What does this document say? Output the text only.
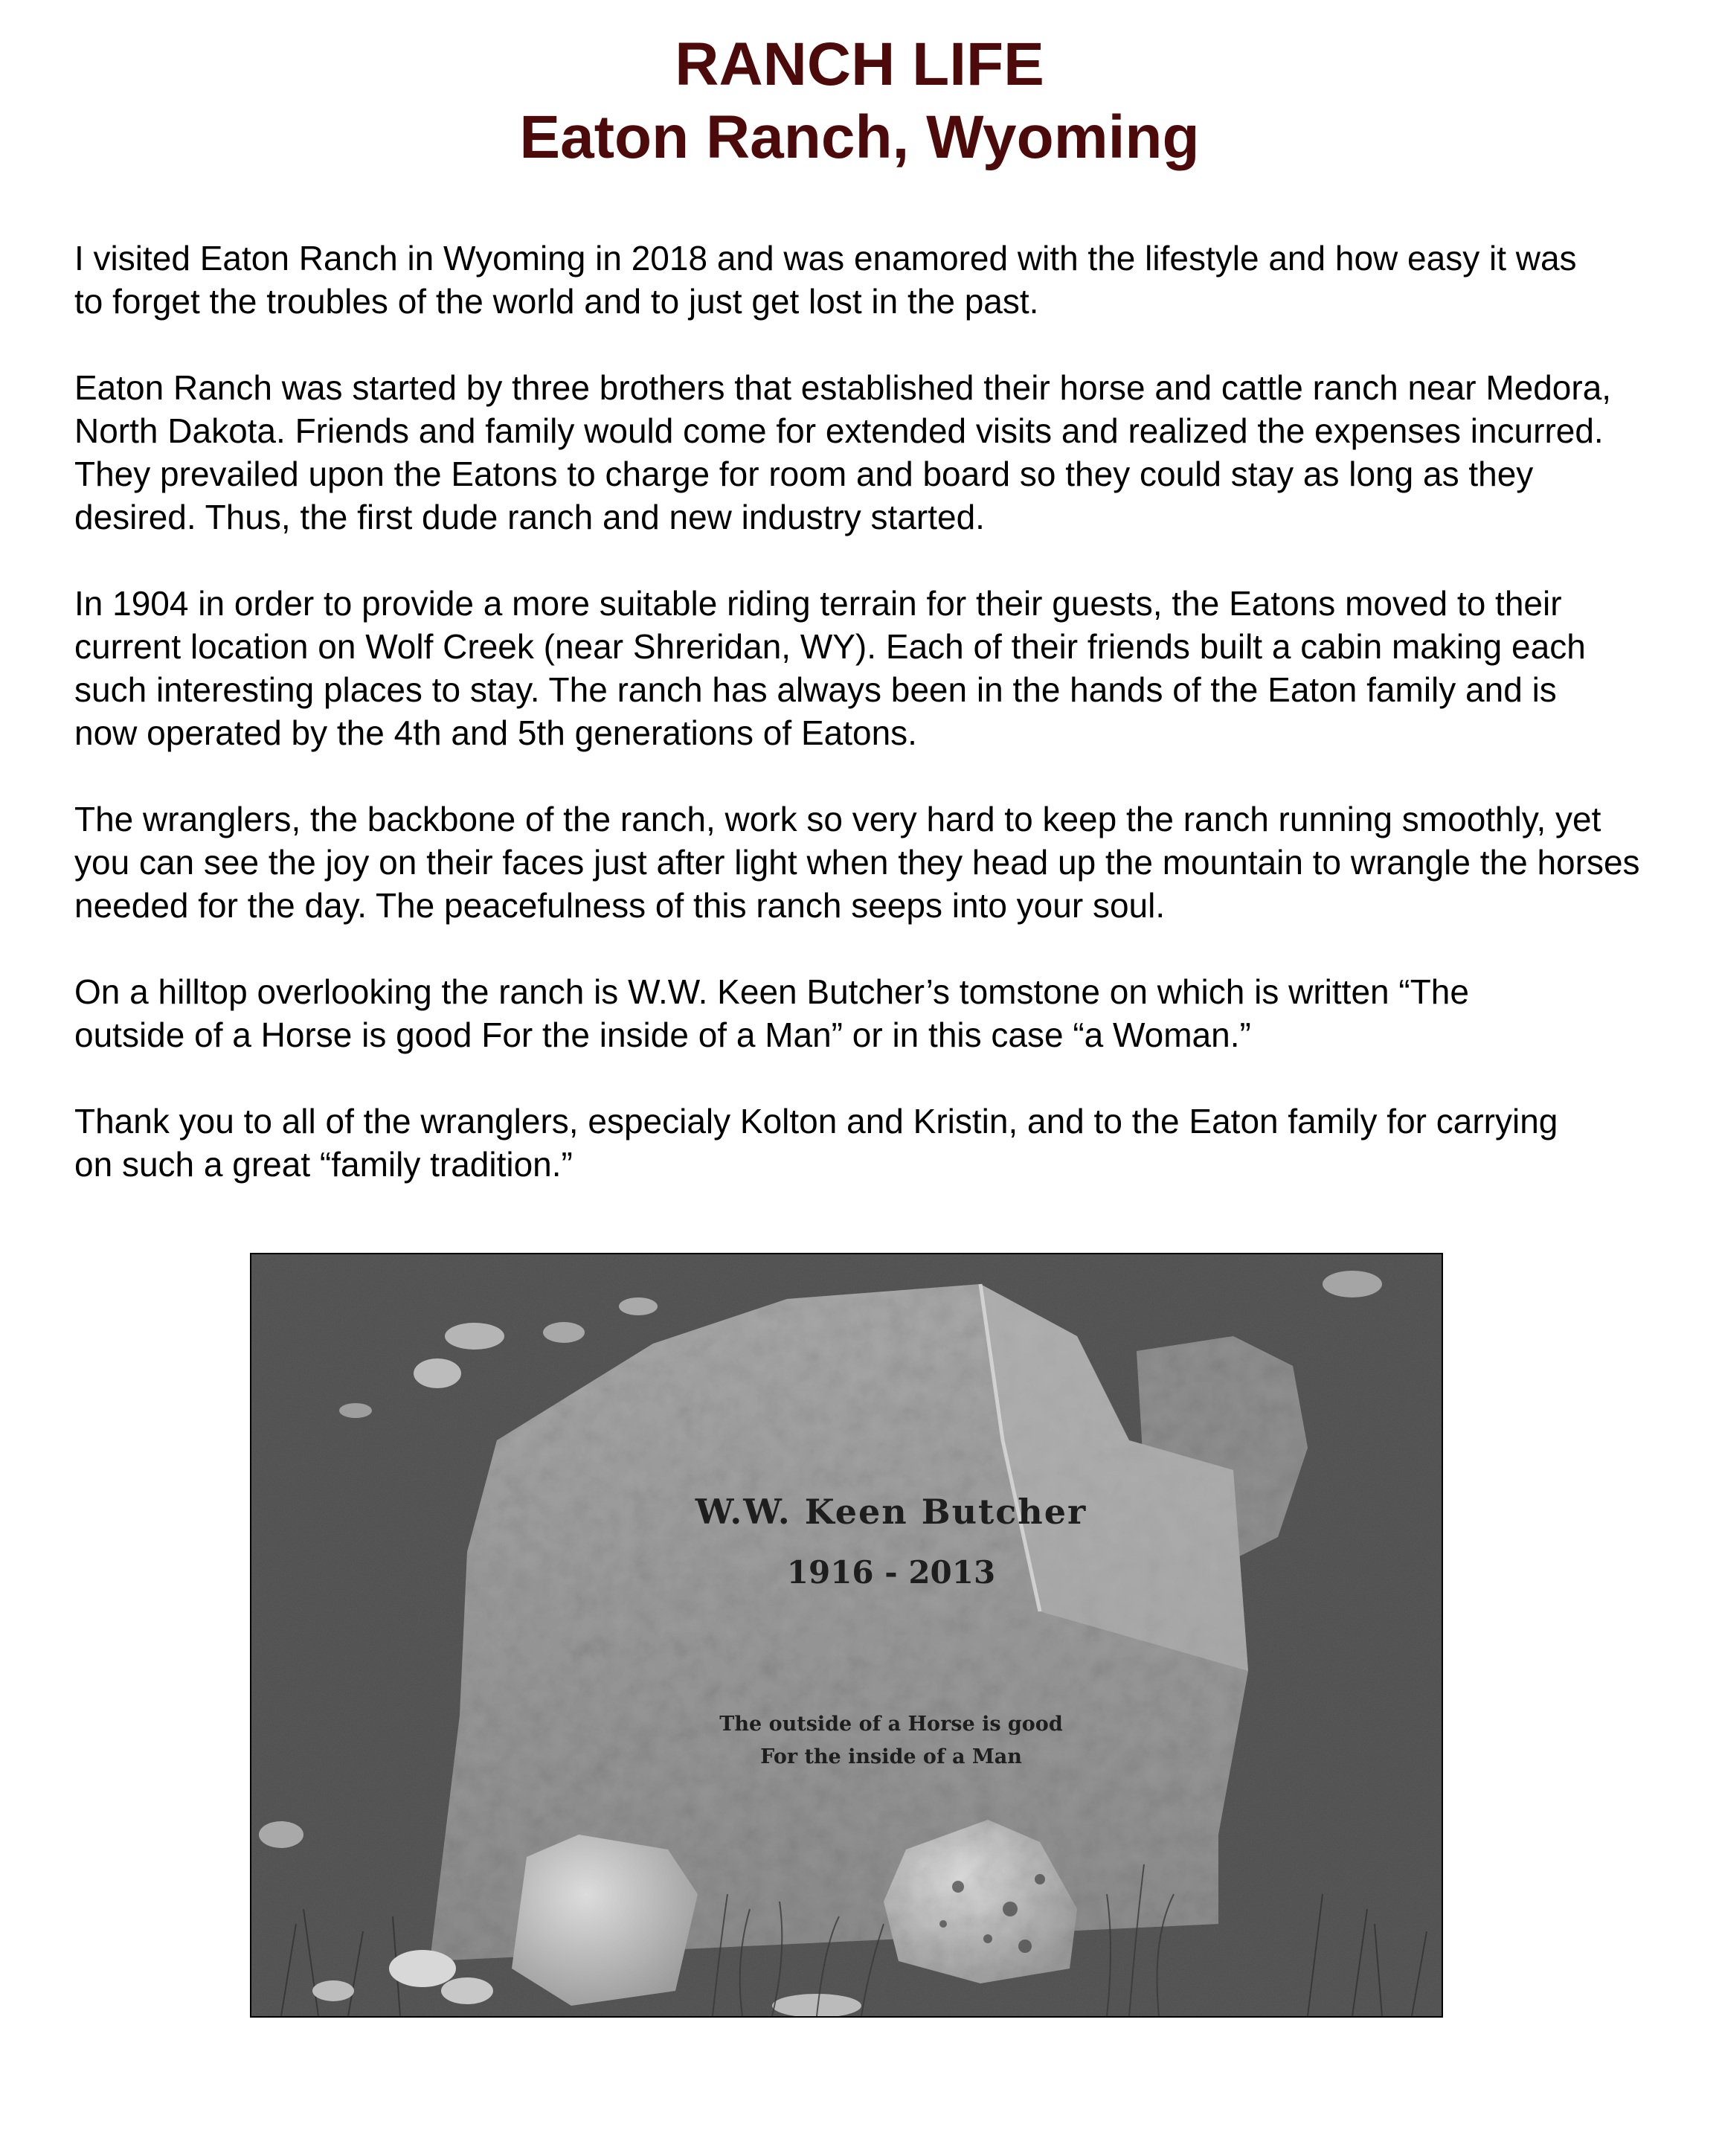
RANCH LIFE
Eaton Ranch, Wyoming

I visited Eaton Ranch in Wyoming in 2018 and was enamored with the lifestyle and how easy it was
to forget the troubles of the world and to just get lost in the past.

Eaton Ranch was started by three brothers that established their horse and cattle ranch near Medora,
North Dakota. Friends and family would come for extended visits and realized the expenses incurred.
They prevailed upon the Eatons to charge for room and board so they could stay as long as they
desired. Thus, the first dude ranch and new industry started.

In 1904 in order to provide a more suitable riding terrain for their guests, the Eatons moved to their
current location on Wolf Creek (near Shreridan, WY). Each of their friends built a cabin making each
such interesting places to stay. The ranch has always been in the hands of the Eaton family and is
now operated by the 4th and 5th generations of Eatons.

The wranglers, the backbone of the ranch, work so very hard to keep the ranch running smoothly, yet
you can see the joy on their faces just after light when they head up the mountain to wrangle the horses
needed for the day. The peacefulness of this ranch seeps into your soul.

On a hilltop overlooking the ranch is W.W. Keen Butcher’s tomstone on which is written “The
outside of a Horse is good For the inside of a Man” or in this case “a Woman.”

Thank you to all of the wranglers, especialy Kolton and Kristin, and to the Eaton family for carrying
on such a great “family tradition.”

W.W. Keen Butcher
1916 - 2013
The outside of a Horse is good
For the inside of a Man
